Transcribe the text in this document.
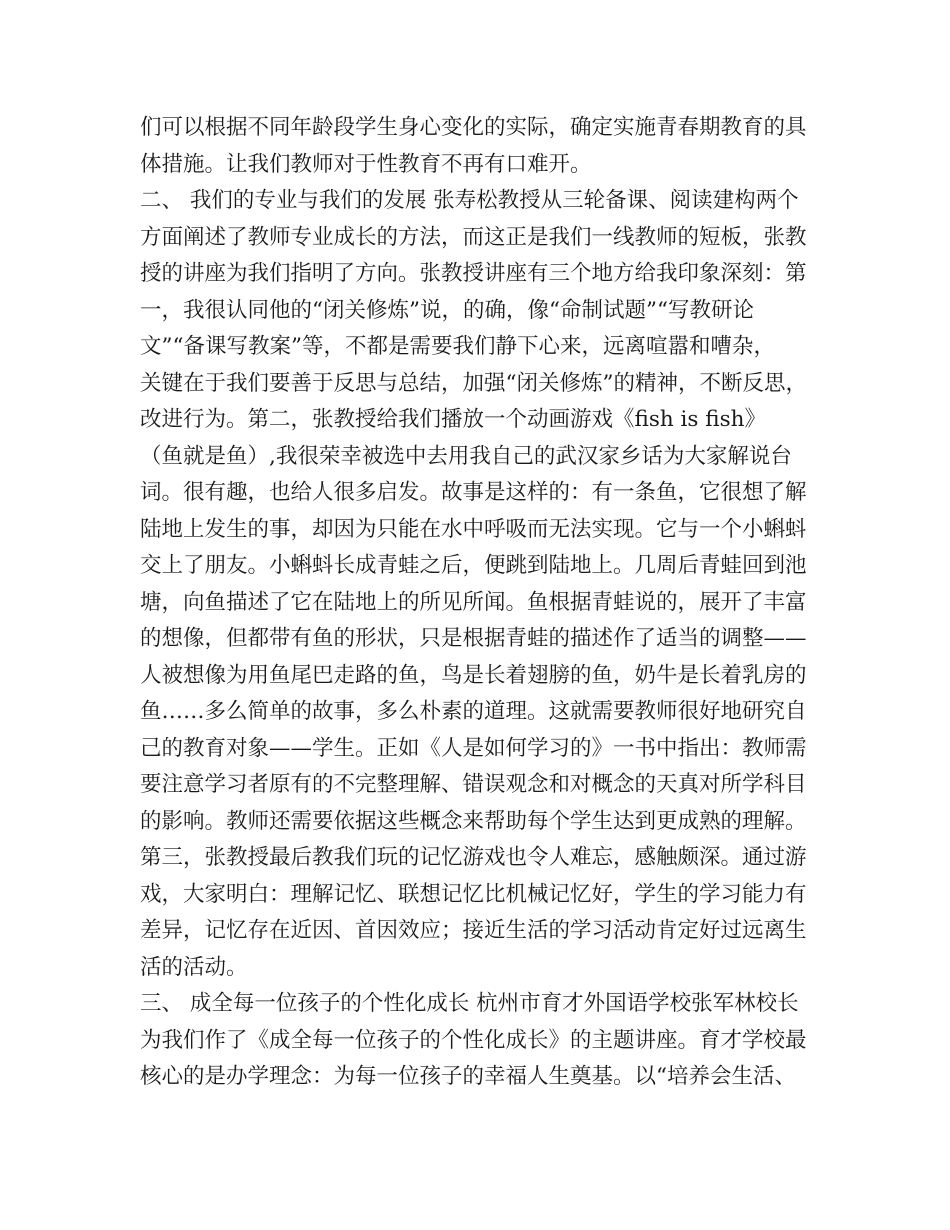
们可以根据不同年龄段学生身心变化的实际，确定实施青春期教育的具
体措施。让我们教师对于性教育不再有口难开。
二、 我们的专业与我们的发展 张寿松教授从三轮备课、阅读建构两个
方面阐述了教师专业成长的方法，而这正是我们一线教师的短板，张教
授的讲座为我们指明了方向。张教授讲座有三个地方给我印象深刻：第
一，我很认同他的“闭关修炼”说，的确，像“命制试题”“写教研论
文”“备课写教案”等，不都是需要我们静下心来，远离喧嚣和嘈杂，
关键在于我们要善于反思与总结，加强“闭关修炼”的精神，不断反思，
改进行为。第二，张教授给我们播放一个动画游戏《fish is fish》
（鱼就是鱼）,我很荣幸被选中去用我自己的武汉家乡话为大家解说台
词。很有趣，也给人很多启发。故事是这样的：有一条鱼，它很想了解
陆地上发生的事，却因为只能在水中呼吸而无法实现。它与一个小蝌蚪
交上了朋友。小蝌蚪长成青蛙之后，便跳到陆地上。几周后青蛙回到池
塘，向鱼描述了它在陆地上的所见所闻。鱼根据青蛙说的，展开了丰富
的想像，但都带有鱼的形状，只是根据青蛙的描述作了适当的调整——
人被想像为用鱼尾巴走路的鱼，鸟是长着翅膀的鱼，奶牛是长着乳房的
鱼……多么简单的故事，多么朴素的道理。这就需要教师很好地研究自
己的教育对象——学生。正如《人是如何学习的》一书中指出：教师需
要注意学习者原有的不完整理解、错误观念和对概念的天真对所学科目
的影响。教师还需要依据这些概念来帮助每个学生达到更成熟的理解。
第三，张教授最后教我们玩的记忆游戏也令人难忘，感触颇深。通过游
戏，大家明白：理解记忆、联想记忆比机械记忆好，学生的学习能力有
差异，记忆存在近因、首因效应；接近生活的学习活动肯定好过远离生
活的活动。
三、 成全每一位孩子的个性化成长 杭州市育才外国语学校张军林校长
为我们作了《成全每一位孩子的个性化成长》的主题讲座。育才学校最
核心的是办学理念：为每一位孩子的幸福人生奠基。以“培养会生活、
